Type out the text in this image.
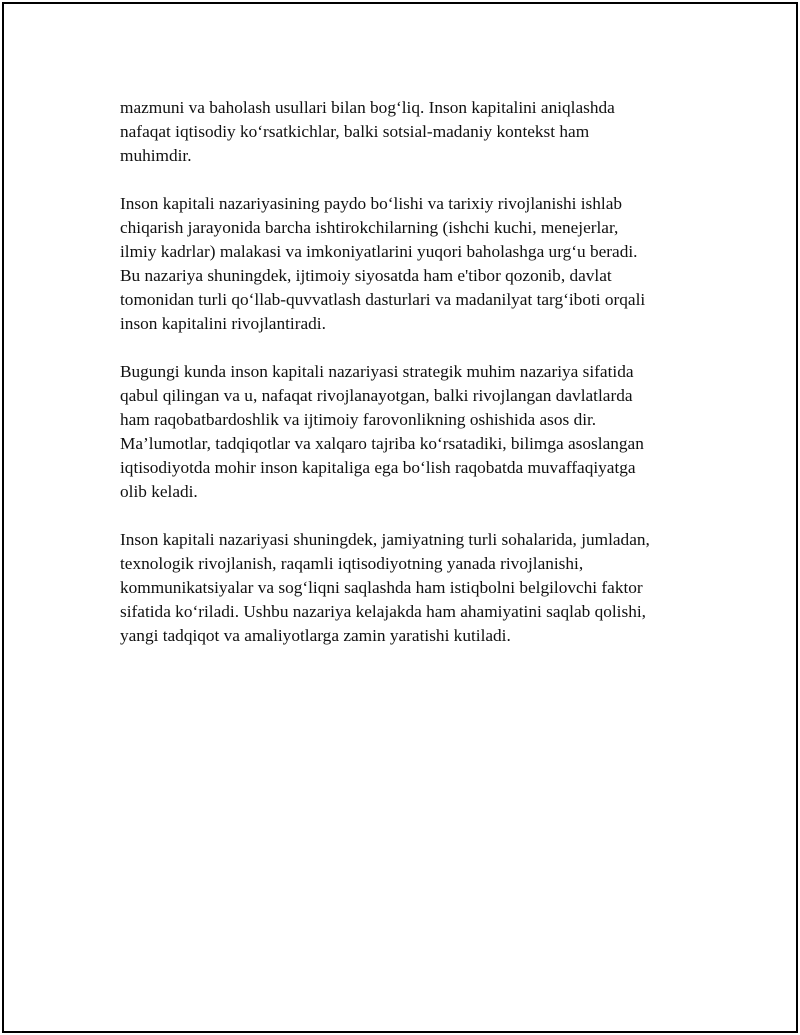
mazmuni va baholash usullari bilan bog‘liq. Inson kapitalini aniqlashda
nafaqat iqtisodiy ko‘rsatkichlar, balki sotsial-madaniy kontekst ham
muhimdir.

Inson kapitali nazariyasining paydo bo‘lishi va tarixiy rivojlanishi ishlab
chiqarish jarayonida barcha ishtirokchilarning (ishchi kuchi, menejerlar,
ilmiy kadrlar) malakasi va imkoniyatlarini yuqori baholashga urg‘u beradi.
Bu nazariya shuningdek, ijtimoiy siyosatda ham e'tibor qozonib, davlat
tomonidan turli qo‘llab-quvvatlash dasturlari va madanilyat targ‘iboti orqali
inson kapitalini rivojlantiradi.

Bugungi kunda inson kapitali nazariyasi strategik muhim nazariya sifatida
qabul qilingan va u, nafaqat rivojlanayotgan, balki rivojlangan davlatlarda
ham raqobatbardoshlik va ijtimoiy farovonlikning oshishida asos dir.
Ma’lumotlar, tadqiqotlar va xalqaro tajriba ko‘rsatadiki, bilimga asoslangan
iqtisodiyotda mohir inson kapitaliga ega bo‘lish raqobatda muvaffaqiyatga
olib keladi.

Inson kapitali nazariyasi shuningdek, jamiyatning turli sohalarida, jumladan,
texnologik rivojlanish, raqamli iqtisodiyotning yanada rivojlanishi,
kommunikatsiyalar va sog‘liqni saqlashda ham istiqbolni belgilovchi faktor
sifatida ko‘riladi. Ushbu nazariya kelajakda ham ahamiyatini saqlab qolishi,
yangi tadqiqot va amaliyotlarga zamin yaratishi kutiladi.
